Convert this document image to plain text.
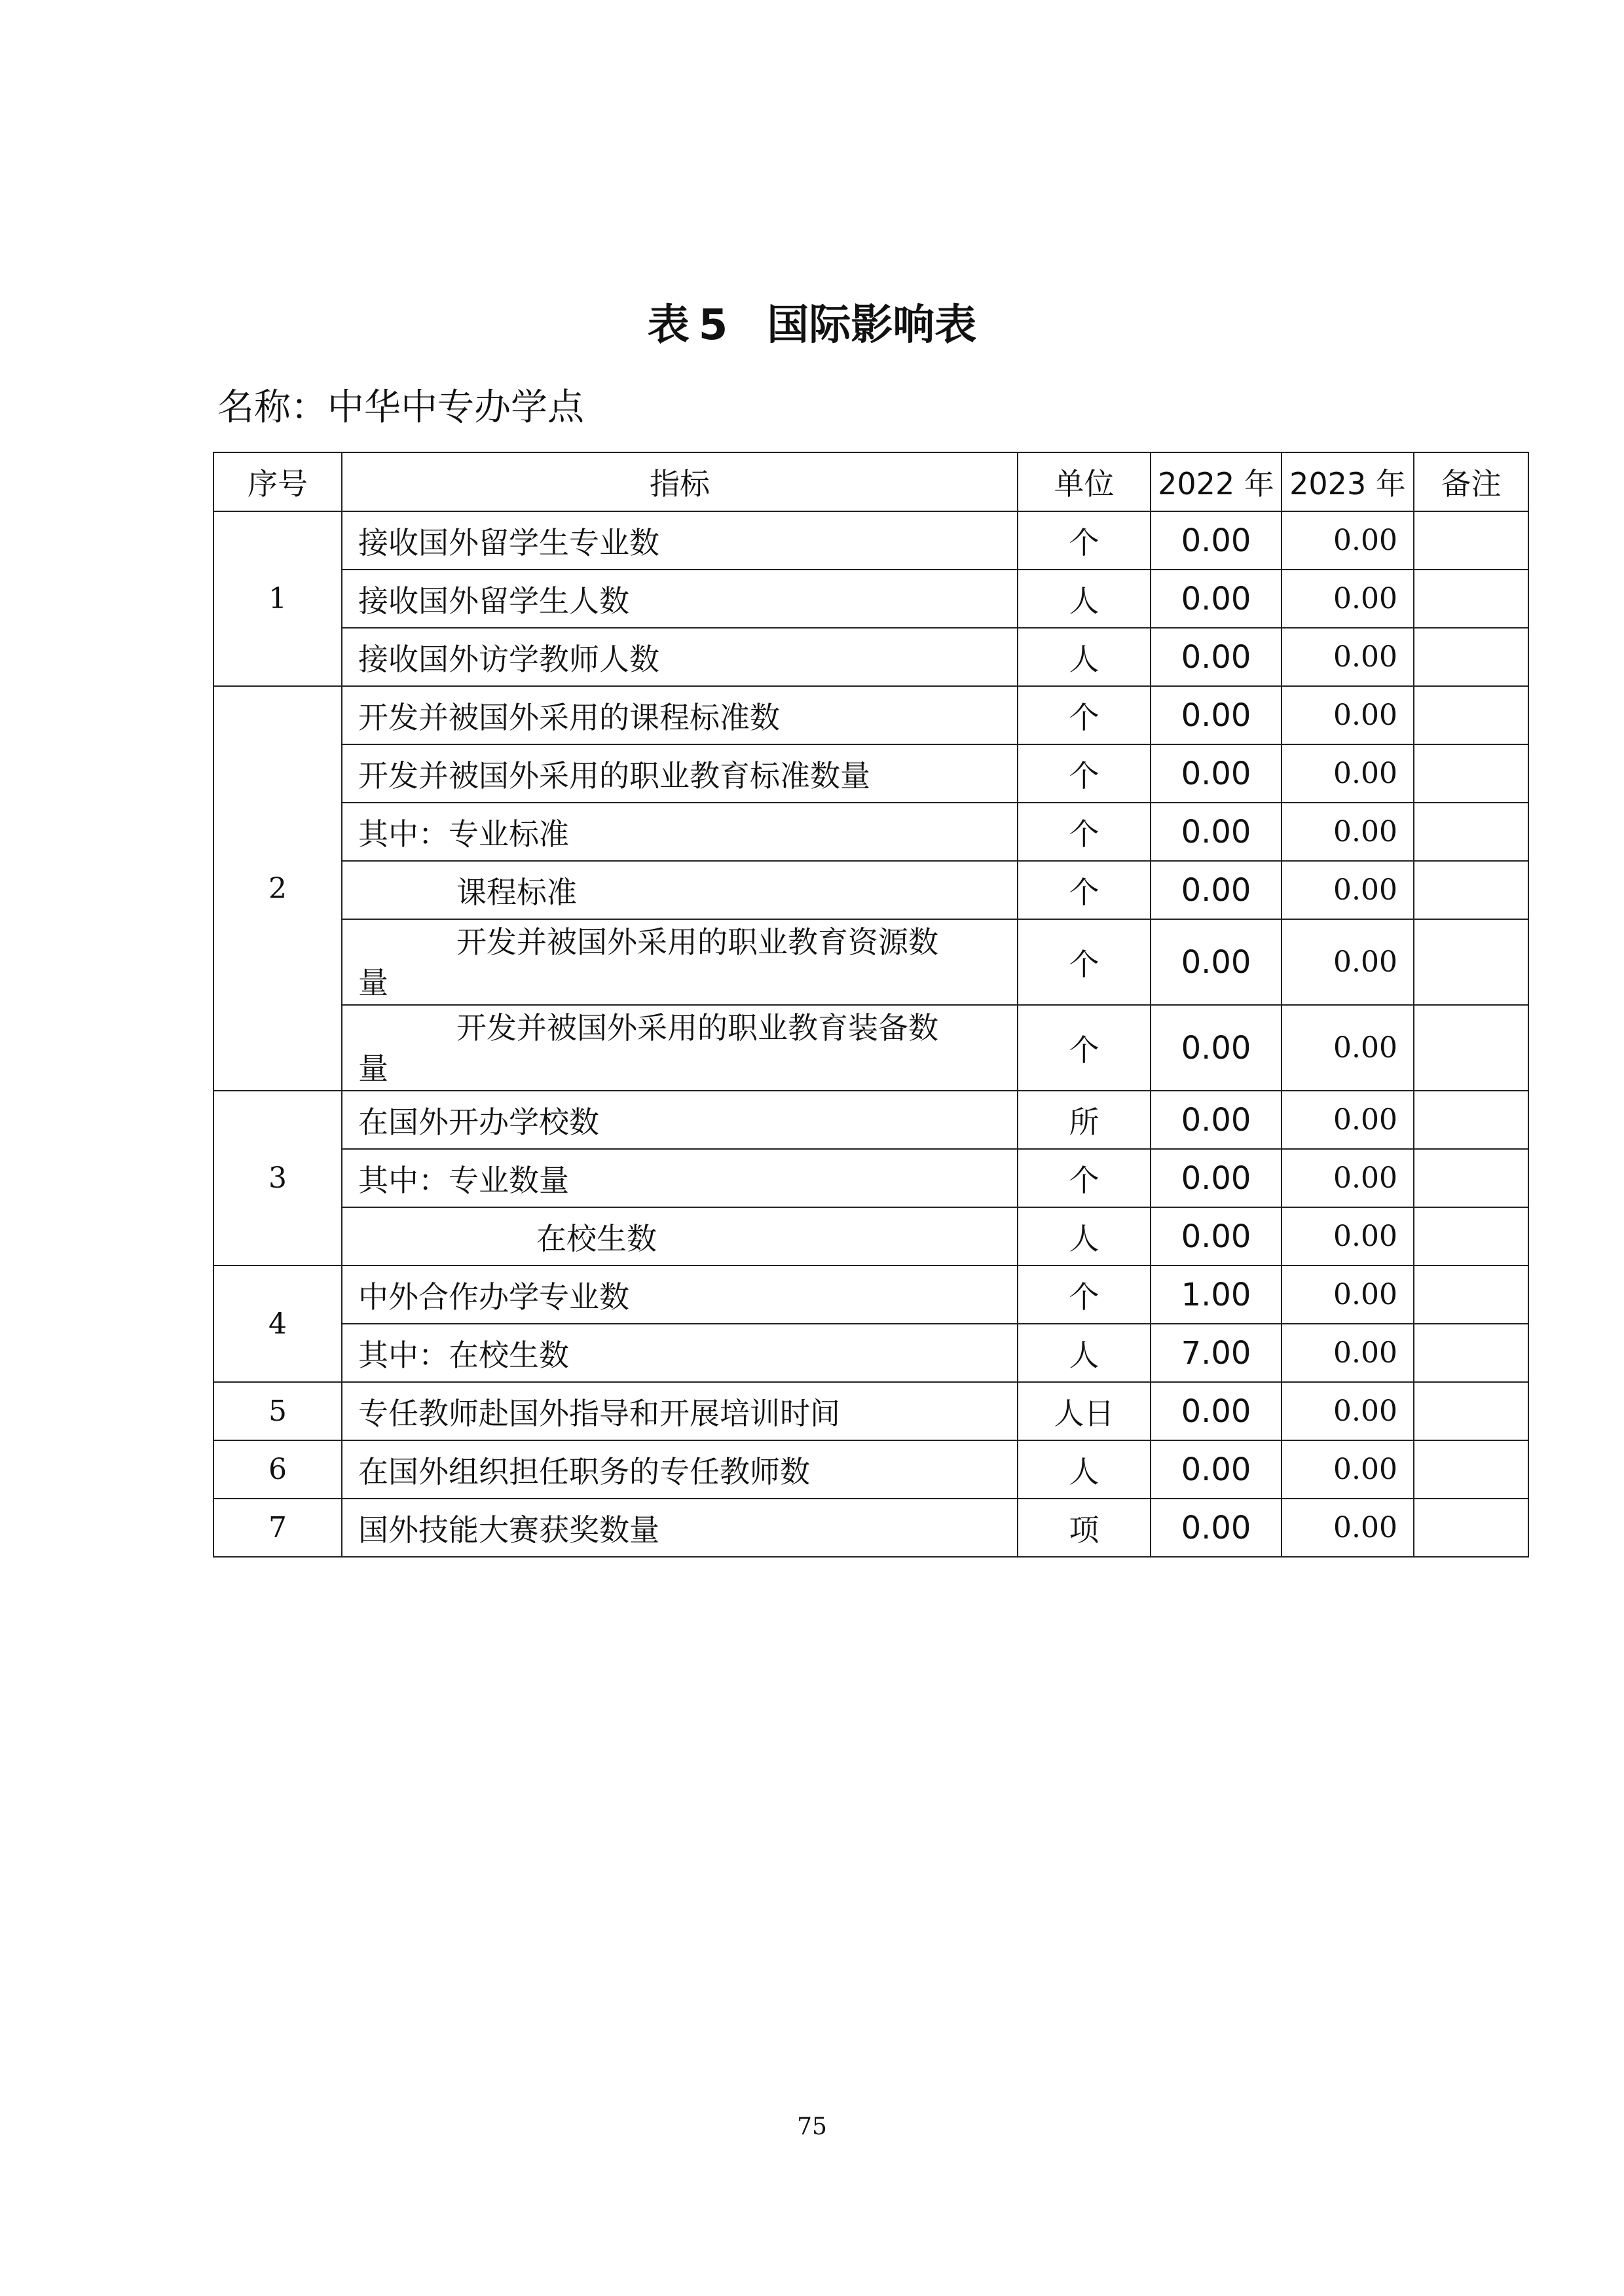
表 5 国际影响表
名称：中华中专办学点
序号	指标	单位	2022 年	2023 年	备注
1	接收国外留学生专业数	个	0.00	0.00	
	接收国外留学生人数	人	0.00	0.00	
	接收国外访学教师人数	人	0.00	0.00	
2	开发并被国外采用的课程标准数	个	0.00	0.00	
	开发并被国外采用的职业教育标准数量	个	0.00	0.00	
	其中：专业标准	个	0.00	0.00	
	课程标准	个	0.00	0.00	

	开发并被国外采用的职业教育资源数
量	个	0.00	0.00	

	开发并被国外采用的职业教育装备数
量	个	0.00	0.00	
3	在国外开办学校数	所	0.00	0.00	
	其中：专业数量	个	0.00	0.00	
	在校生数	人	0.00	0.00	
4	中外合作办学专业数	个	1.00	0.00	
	其中：在校生数	人	7.00	0.00	
5	专任教师赴国外指导和开展培训时间	人日	0.00	0.00	
6	在国外组织担任职务的专任教师数	人	0.00	0.00	
7	国外技能大赛获奖数量	项	0.00	0.00	
75
